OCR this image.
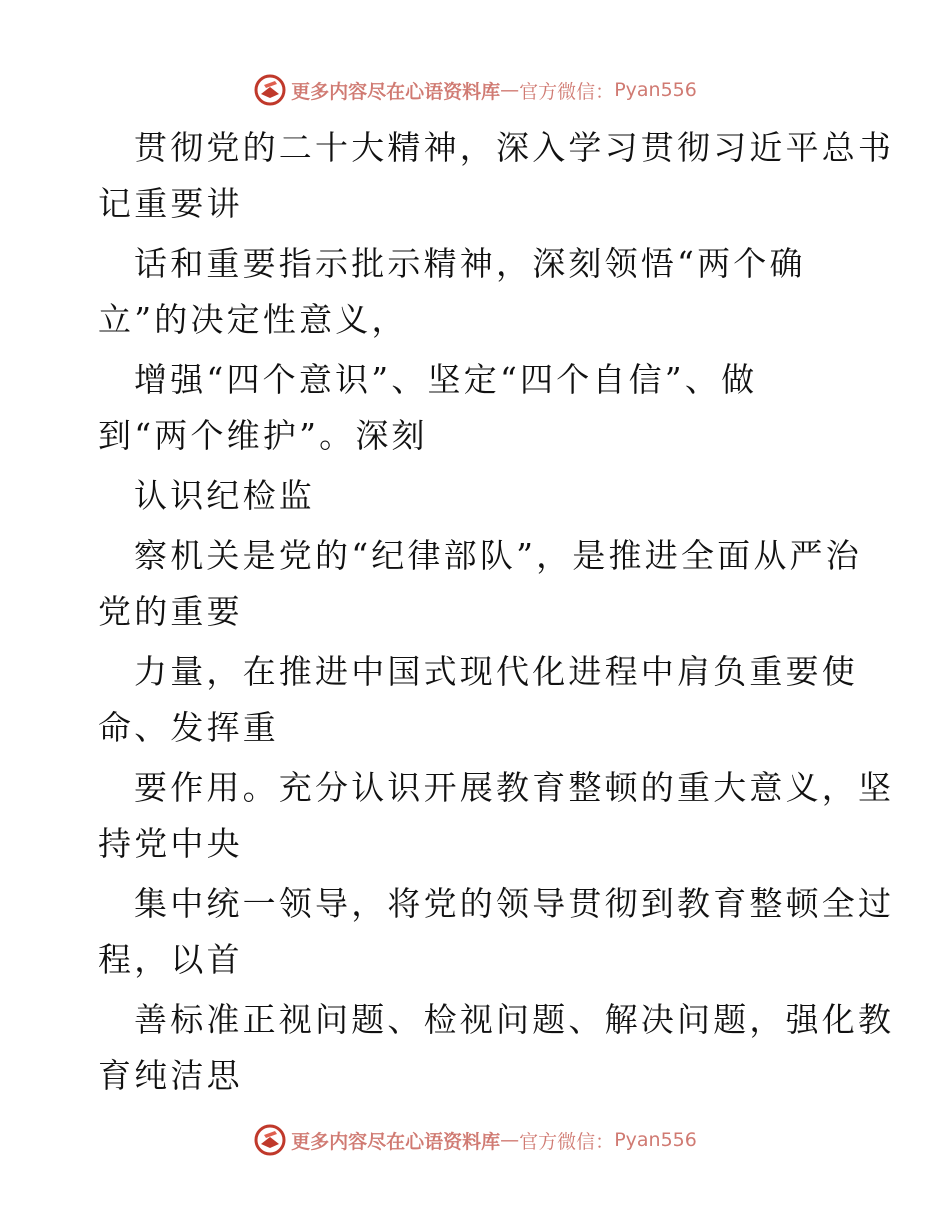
更多内容尽在心语资料库 — 官方微信： Pyan556
贯彻党的二十大精神，深入学习贯彻习近平总书
记重要讲
话和重要指示批示精神，深刻领悟“两个确
立”的决定性意义，
增强“四个意识”、坚定“四个自信”、做
到“两个维护”。深刻
认识纪检监
察机关是党的“纪律部队”，是推进全面从严治
党的重要
力量，在推进中国式现代化进程中肩负重要使
命、发挥重
要作用。充分认识开展教育整顿的重大意义，坚
持党中央
集中统一领导，将党的领导贯彻到教育整顿全过
程，以首
善标准正视问题、检视问题、解决问题，强化教
育纯洁思
更多内容尽在心语资料库 — 官方微信： Pyan556
